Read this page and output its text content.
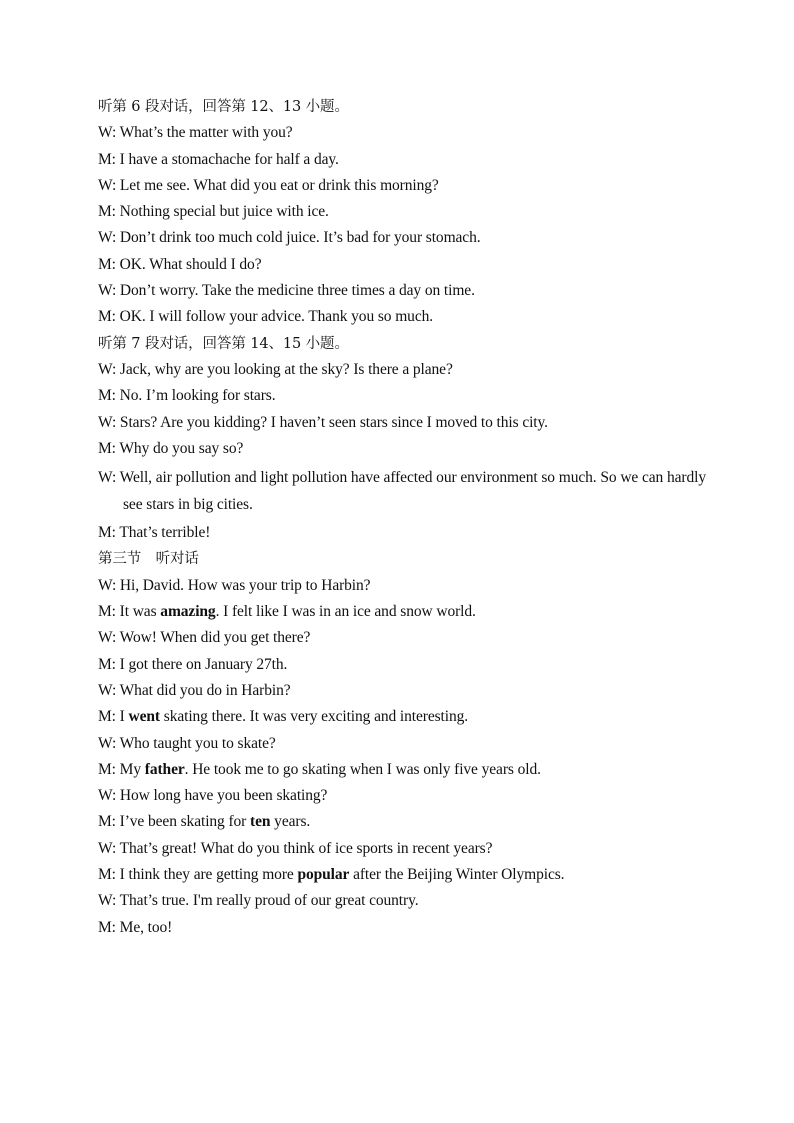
听第 6 段对话，回答第 12、13 小题。
W: What’s the matter with you?
M: I have a stomachache for half a day.
W: Let me see. What did you eat or drink this morning?
M: Nothing special but juice with ice.
W: Don’t drink too much cold juice. It’s bad for your stomach.
M: OK. What should I do?
W: Don’t worry. Take the medicine three times a day on time.
M: OK. I will follow your advice. Thank you so much.
听第 7 段对话，回答第 14、15 小题。
W: Jack, why are you looking at the sky? Is there a plane?
M: No. I’m looking for stars.
W: Stars? Are you kidding? I haven’t seen stars since I moved to this city.
M: Why do you say so?
W: Well, air pollution and light pollution have affected our environment so much. So we can hardly see stars in big cities.
M: That’s terrible!
第三节　听对话
W: Hi, David. How was your trip to Harbin?
M: It was amazing. I felt like I was in an ice and snow world.
W: Wow! When did you get there?
M: I got there on January 27th.
W: What did you do in Harbin?
M: I went skating there. It was very exciting and interesting.
W: Who taught you to skate?
M: My father. He took me to go skating when I was only five years old.
W: How long have you been skating?
M: I’ve been skating for ten years.
W: That’s great! What do you think of ice sports in recent years?
M: I think they are getting more popular after the Beijing Winter Olympics.
W: That’s true. I'm really proud of our great country.
M: Me, too!
